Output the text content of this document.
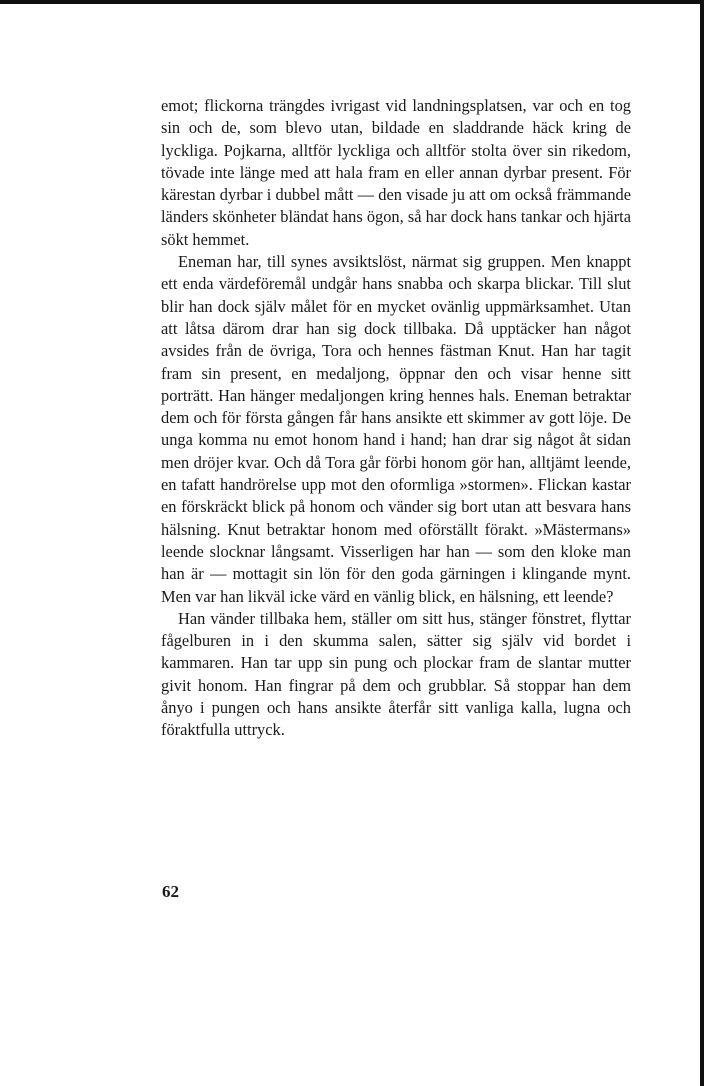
emot; flickorna trängdes ivrigast vid landningsplatsen, var och en tog sin och de, som blevo utan, bildade en sladdrande häck kring de lyckliga. Pojkarna, alltför lyckliga och alltför stolta över sin rikedom, tövade inte länge med att hala fram en eller annan dyrbar present. För kärestan dyrbar i dubbel mått — den visade ju att om också främmande länders skönheter bländat hans ögon, så har dock hans tankar och hjärta sökt hemmet.

Eneman har, till synes avsiktslöst, närmat sig gruppen. Men knappt ett enda värdeföremål undgår hans snabba och skarpa blickar. Till slut blir han dock själv målet för en mycket ovänlig uppmärksamhet. Utan att låtsa därom drar han sig dock tillbaka. Då upptäcker han något avsides från de övriga, Tora och hennes fästman Knut. Han har tagit fram sin present, en medaljong, öppnar den och visar henne sitt porträtt. Han hänger medaljongen kring hennes hals. Eneman betraktar dem och för första gången får hans ansikte ett skimmer av gott löje. De unga komma nu emot honom hand i hand; han drar sig något åt sidan men dröjer kvar. Och då Tora går förbi honom gör han, alltjämt leende, en tafatt handrörelse upp mot den oformliga »stormen». Flickan kastar en förskräckt blick på honom och vänder sig bort utan att besvara hans hälsning. Knut betraktar honom med oförställt förakt. »Mästermans» leende slocknar långsamt. Visserligen har han — som den kloke man han är — mottagit sin lön för den goda gärningen i klingande mynt. Men var han likväl icke värd en vänlig blick, en hälsning, ett leende?

Han vänder tillbaka hem, ställer om sitt hus, stänger fönstret, flyttar fågelburen in i den skumma salen, sätter sig själv vid bordet i kammaren. Han tar upp sin pung och plockar fram de slantar mutter givit honom. Han fingrar på dem och grubblar. Så stoppar han dem ånyo i pungen och hans ansikte återfår sitt vanliga kalla, lugna och föraktfulla uttryck.

62
